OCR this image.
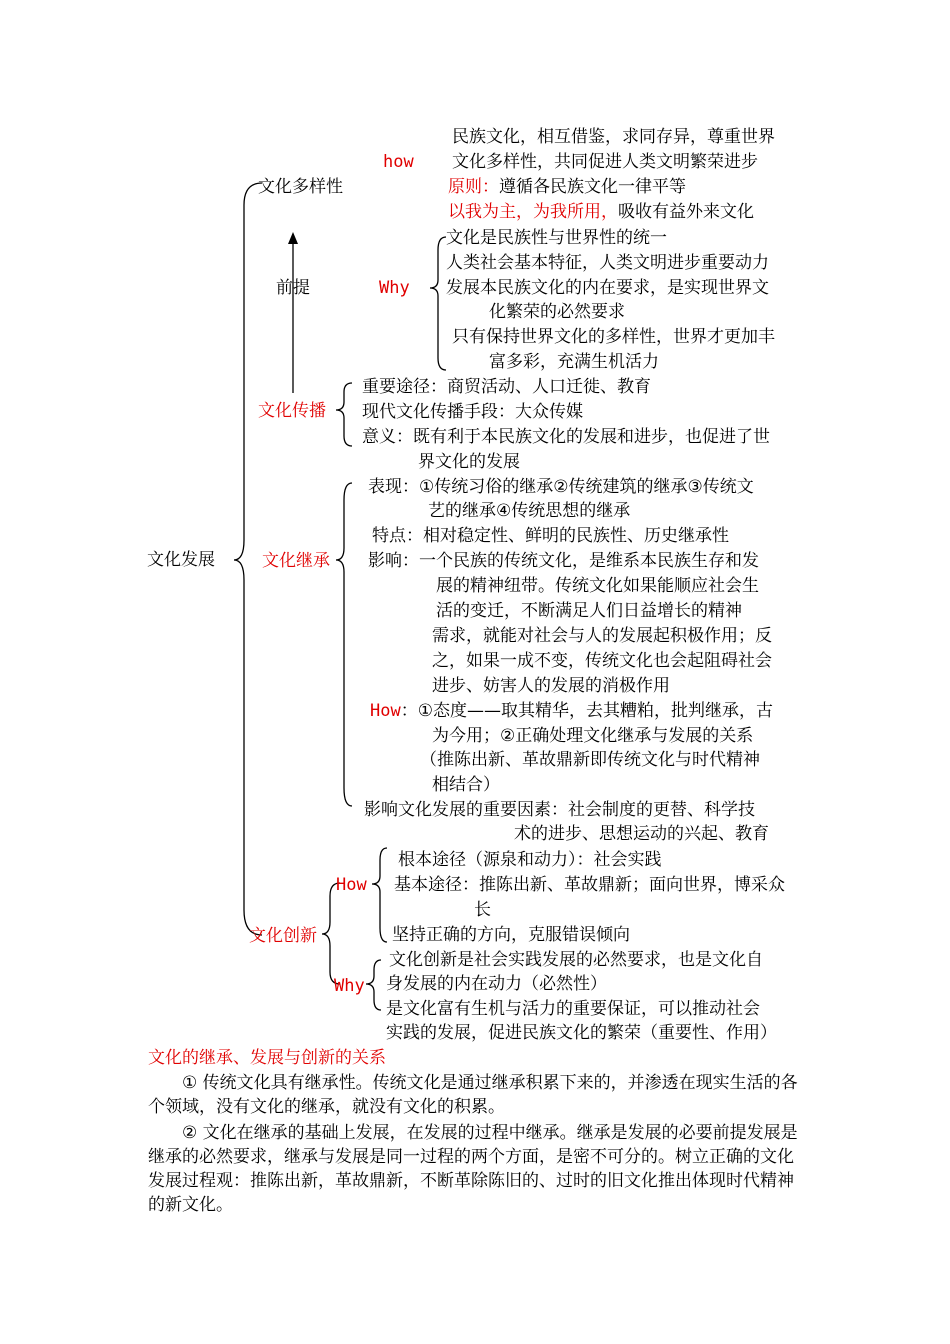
文化发展
文化多样性
how
民族文化，相互借鉴，求同存异，尊重世界
文化多样性，共同促进人类文明繁荣进步
原则：遵循各民族文化一律平等
以我为主，为我所用，吸收有益外来文化
前提	Why
文化是民族性与世界性的统一
人类社会基本特征，人类文明进步重要动力
发展本民族文化的内在要求，是实现世界文
化繁荣的必然要求
只有保持世界文化的多样性，世界才更加丰
富多彩，充满生机活力
文化传播
重要途径：商贸活动、人口迁徙、教育
现代文化传播手段：大众传媒
意义：既有利于本民族文化的发展和进步，也促进了世
界文化的发展
文化继承
表现：①传统习俗的继承②传统建筑的继承③传统文
艺的继承④传统思想的继承
特点：相对稳定性、鲜明的民族性、历史继承性
影响：一个民族的传统文化，是维系本民族生存和发
展的精神纽带。传统文化如果能顺应社会生
活的变迁，不断满足人们日益增长的精神
需求，就能对社会与人的发展起积极作用；反
之，如果一成不变，传统文化也会起阻碍社会
进步、妨害人的发展的消极作用
How：①态度——取其精华，去其糟粕，批判继承，古
为今用；②正确处理文化继承与发展的关系
（推陈出新、革故鼎新即传统文化与时代精神
相结合）
影响文化发展的重要因素：社会制度的更替、科学技
术的进步、思想运动的兴起、教育
文化创新
How
根本途径（源泉和动力）：社会实践
基本途径：推陈出新、革故鼎新；面向世界，博采众
长
坚持正确的方向，克服错误倾向
Why
文化创新是社会实践发展的必然要求，也是文化自
身发展的内在动力（必然性）
是文化富有生机与活力的重要保证，可以推动社会
实践的发展，促进民族文化的繁荣（重要性、作用）
文化的继承、发展与创新的关系
① 传统文化具有继承性。传统文化是通过继承积累下来的，并渗透在现实生活的各个领域，没有文化的继承，就没有文化的积累。
② 文化在继承的基础上发展，在发展的过程中继承。继承是发展的必要前提发展是继承的必然要求，继承与发展是同一过程的两个方面，是密不可分的。树立正确的文化发展过程观：推陈出新，革故鼎新，不断革除陈旧的、过时的旧文化推出体现时代精神的新文化。
